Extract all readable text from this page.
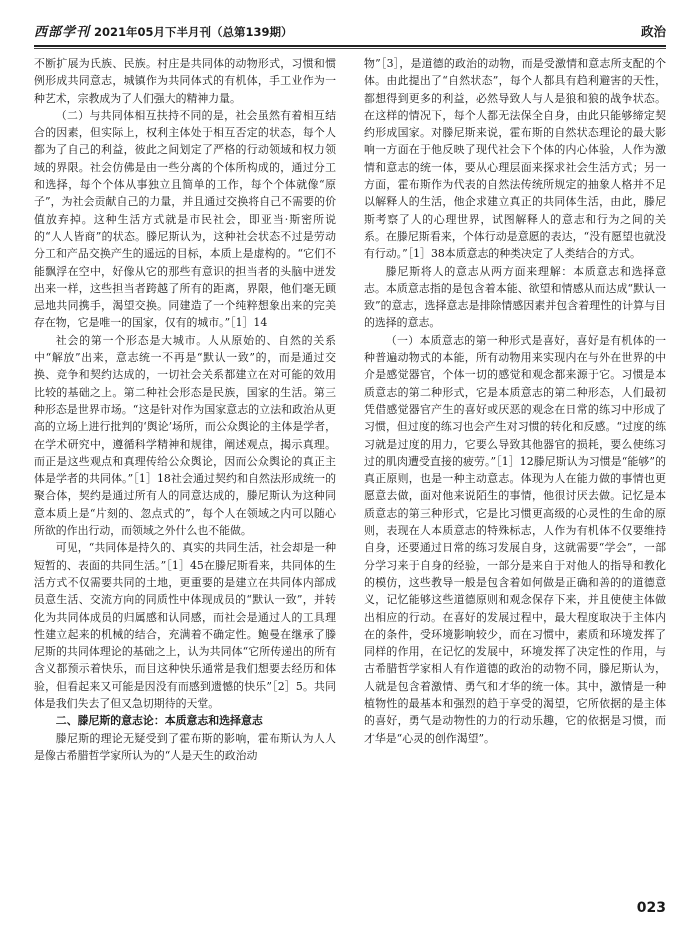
西部学刊 2021年05月下半月刊（总第139期）	政治

不断扩展为氏族、民族。村庄是共同体的动物形式，习惯和惯例形成共同意志，城镇作为共同体式的有机体，手工业作为一种艺术，宗教成为了人们强大的精神力量。

（二）与共同体相互扶持不同的是，社会虽然有着相互结合的因素，但实际上，权利主体处于相互否定的状态，每个人都为了自己的利益，彼此之间划定了严格的行动领域和权力领域的界限。社会仿佛是由一些分离的个体所构成的，通过分工和选择，每个个体从事独立且简单的工作，每个个体就像“原子”，为社会贡献自己的力量，并且通过交换将自己不需要的价值放弃掉。这种生活方式就是市民社会，即亚当·斯密所说的“人人皆商”的状态。滕尼斯认为，这种社会状态不过是劳动分工和产品交换产生的遥远的目标，本质上是虚构的。“它们不能飘浮在空中，好像从它的那些有意识的担当者的头脑中迸发出来一样，这些担当者跨越了所有的距离，界限，他们毫无顾忌地共同携手，渴望交换。同建造了一个纯粹想象出来的完美存在物，它是唯一的国家，仅有的城市。”［1］14

社会的第一个形态是大城市。人从原始的、自然的关系中“解放”出来，意志统一不再是“默认一致”的，而是通过交换、竞争和契约达成的，一切社会关系都建立在对可能的效用比较的基础之上。第二种社会形态是民族，国家的生活。第三种形态是世界市场。“这是针对作为国家意志的立法和政治从更高的立场上进行批判的‘舆论’场所，而公众舆论的主体是学者，在学术研究中，遵循科学精神和规律，阐述观点，揭示真理。而正是这些观点和真理传给公众舆论，因而公众舆论的真正主体是学者的共同体。”［1］18社会通过契约和自然法形成统一的聚合体，契约是通过所有人的同意达成的，滕尼斯认为这种同意本质上是“片刻的、忽点式的”，每个人在领域之内可以随心所欲的作出行动，而领域之外什么也不能做。

可见，“共同体是持久的、真实的共同生活，社会却是一种短暂的、表面的共同生活。”［1］45在滕尼斯看来，共同体的生活方式不仅需要共同的土地，更重要的是建立在共同体内部成员意生活、交流方向的同质性中体现成员的“默认一致”，并转化为共同体成员的归属感和认同感，而社会是通过人的工具理性建立起来的机械的结合，充满着不确定性。鲍曼在继承了滕尼斯的共同体理论的基础之上，认为共同体“它所传递出的所有含义都预示着快乐，而目这种快乐通常是我们想要去经历和体验，但看起来又可能是因没有而感到遗憾的快乐”［2］5。共同体是我们失去了但又急切期待的天堂。

二、滕尼斯的意志论：本质意志和选择意志

滕尼斯的理论无疑受到了霍布斯的影响，霍布斯认为人人是像古希腊哲学家所认为的“人是天生的政治动

物”［3］，是道德的政治的动物，而是受激情和意志所支配的个体。由此提出了“自然状态”，每个人都具有趋利避害的天性，都想得到更多的利益，必然导致人与人是狼和狼的战争状态。在这样的情况下，每个人都无法保全自身，由此只能够缔定契约形成国家。对滕尼斯来说，霍布斯的自然状态理论的最大影响一方面在于他反映了现代社会下个体的内心体验，人作为激情和意志的统一体，要从心理层面来探求社会生活方式；另一方面，霍布斯作为代表的自然法传统所规定的抽象人格并不足以解释人的生活，他企求建立真正的共同体生活，由此，滕尼斯考察了人的心理世界，试图解释人的意志和行为之间的关系。在滕尼斯看来，个体行动是意愿的表达，“没有愿望也就没有行动。”［1］38本质意志的种类决定了人类结合的方式。

滕尼斯将人的意志从两方面来理解：本质意志和选择意志。本质意志指的是包含着本能、欲望和情感从而达成“默认一致”的意志，选择意志是排除情感因素并包含着理性的计算与目的选择的意志。

（一）本质意志的第一种形式是喜好，喜好是有机体的一种普遍动物式的本能，所有动物用来实现内在与外在世界的中介是感觉器官，个体一切的感觉和观念都来源于它。习惯是本质意志的第二种形式，它是本质意志的第二种形态，人们最初凭借感觉器官产生的喜好或厌恶的观念在日常的练习中形成了习惯，但过度的练习也会产生对习惯的转化和反感。“过度的练习就是过度的用力，它要么导致其他器官的损耗，要么使练习过的肌肉遭受直接的疲劳。”［1］12滕尼斯认为习惯是“能够”的真正原则，也是一种主动意志。体现为人在能力做的事情也更愿意去做，面对他来说陌生的事情，他很讨厌去做。记忆是本质意志的第三种形式，它是比习惯更高级的心灵性的生命的原则，表现在人本质意志的特殊标志，人作为有机体不仅要维持自身，还要通过日常的练习发展自身，这就需要“学会”，一部分学习来于自身的经验，一部分是来自于对他人的指导和教化的模仿，这些教导一般是包含着如何做是正确和善的的道德意义，记忆能够这些道德原则和观念保存下来，并且使使主体做出相应的行动。在喜好的发展过程中，最大程度取决于主体内在的条件，受环境影响较少，而在习惯中，素质和环境发挥了同样的作用，在记忆的发展中，环境发挥了决定性的作用，与古希腊哲学家相人有作道德的政治的动物不同，滕尼斯认为，人就是包含着激情、勇气和才华的统一体。其中，激情是一种植物性的最基本和强烈的趋于享受的渴望，它所依据的是主体的喜好，勇气是动物性的力的行动乐趣，它的依据是习惯，而才华是“心灵的创作渴望”。

023
